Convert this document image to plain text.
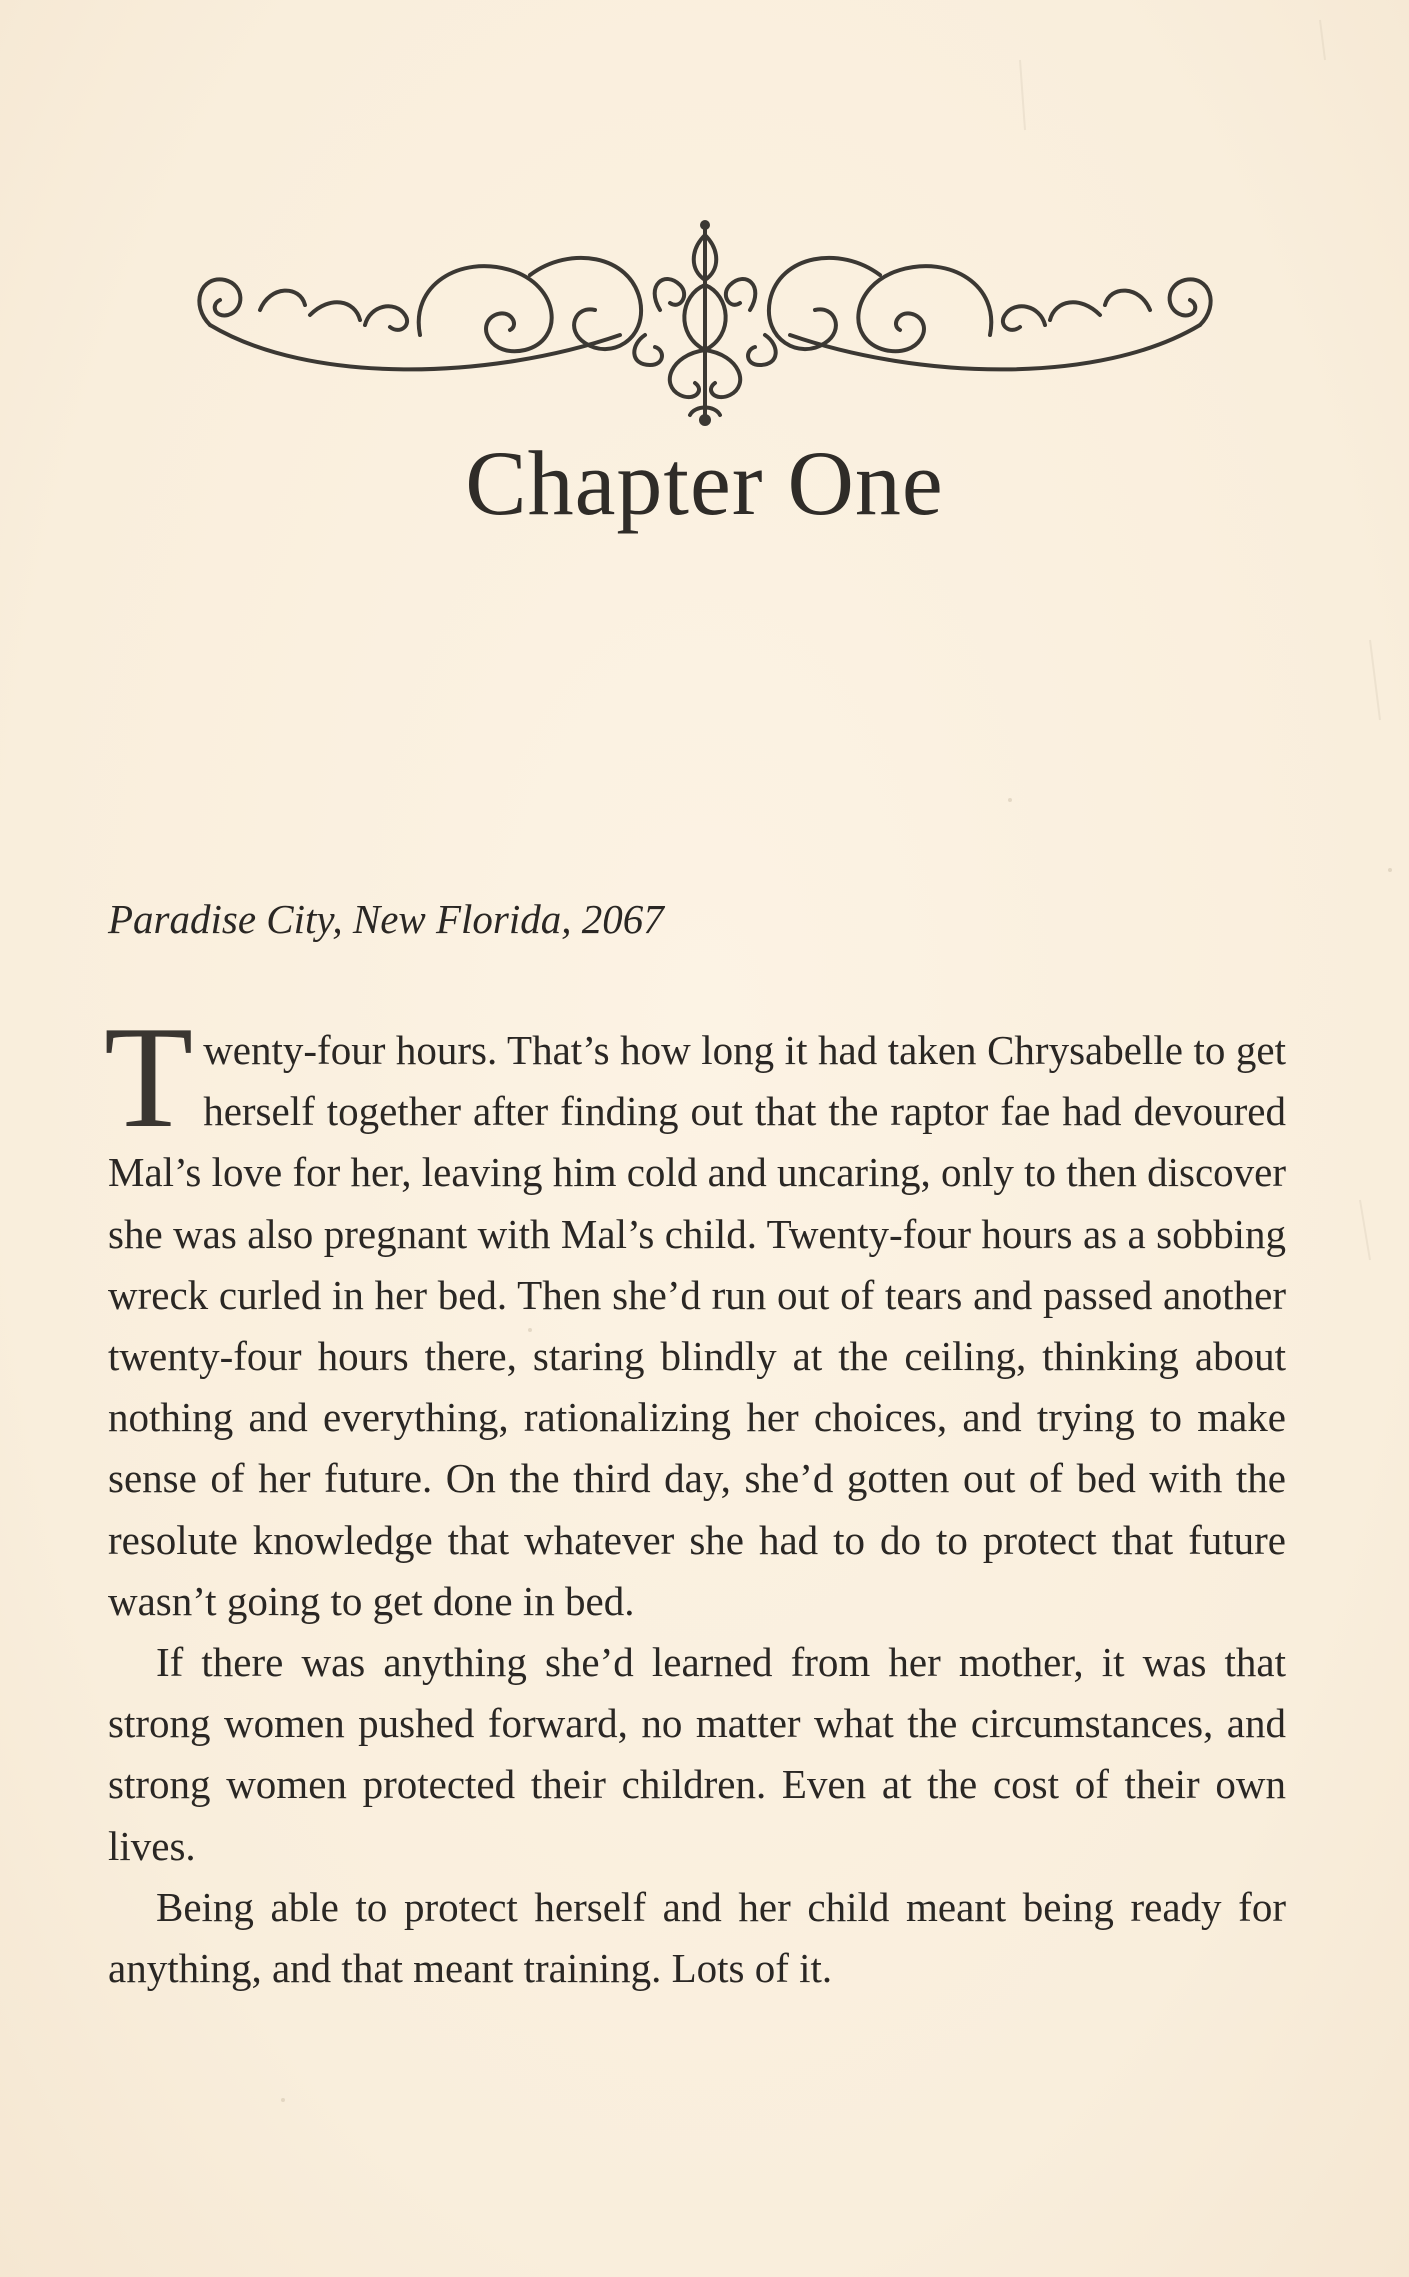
Chapter One

Paradise City, New Florida, 2067

Twenty-four hours. That’s how long it had taken Chrysabelle to get herself together after finding out that the raptor fae had devoured Mal’s love for her, leaving him cold and uncaring, only to then discover she was also pregnant with Mal’s child. Twenty-four hours as a sobbing wreck curled in her bed. Then she’d run out of tears and passed another twenty-four hours there, staring blindly at the ceiling, thinking about nothing and everything, rationalizing her choices, and trying to make sense of her future. On the third day, she’d gotten out of bed with the resolute knowledge that whatever she had to do to protect that future wasn’t going to get done in bed.

If there was anything she’d learned from her mother, it was that strong women pushed forward, no matter what the circumstances, and strong women protected their children. Even at the cost of their own lives.

Being able to protect herself and her child meant being ready for anything, and that meant training. Lots of it.
